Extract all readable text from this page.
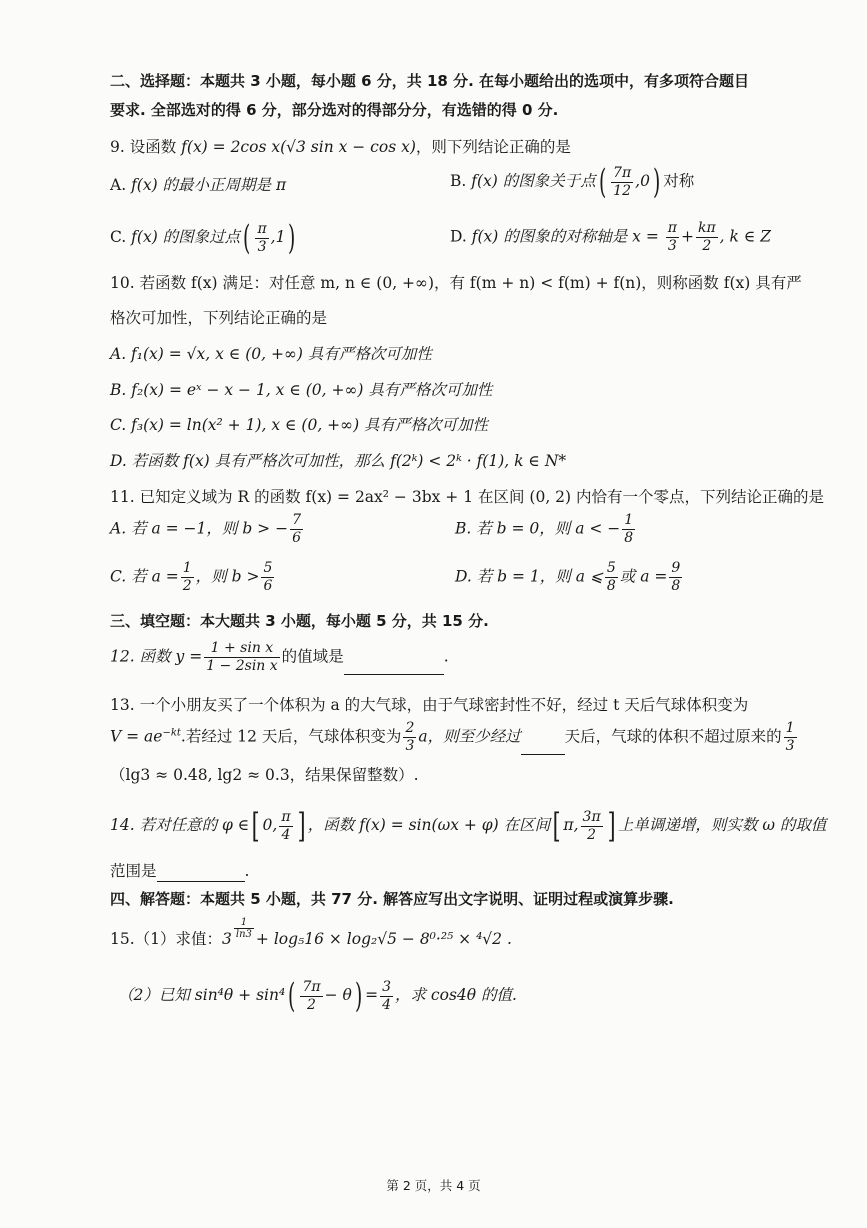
二、选择题：本题共 3 小题，每小题 6 分，共 18 分. 在每小题给出的选项中，有多项符合题目
要求. 全部选对的得 6 分，部分选对的得部分分，有选错的得 0 分.
9. 设函数 f(x) = 2cos x(√3 sin x − cos x)，则下列结论正确的是
A. f(x) 的最小正周期是 π	B. f(x) 的图象关于点( $\frac{7\pi}{12} ,0$) 对称
C. f(x) 的图象过点( $\frac{\pi}{3} ,1$)	D. f(x) 的图象的对称轴是 $x = \frac{\pi}{3} + \frac{k\pi}{2}$ , k ∈ Z
10. 若函数 f(x) 满足：对任意 m, n ∈ (0, +∞)，有 f(m + n) < f(m) + f(n)，则称函数 f(x) 具有严
格次可加性，下列结论正确的是
A. f₁(x) = √x, x ∈ (0, +∞) 具有严格次可加性
B. f₂(x) = eˣ − x − 1, x ∈ (0, +∞) 具有严格次可加性
C. f₃(x) = ln(x² + 1), x ∈ (0, +∞) 具有严格次可加性
D. 若函数 f(x) 具有严格次可加性，那么 f(2ᵏ) < 2ᵏ · f(1), k ∈ N*
11. 已知定义域为 R 的函数 f(x) = 2ax² − 3bx + 1 在区间 (0, 2) 内恰有一个零点，下列结论正确的是
A. 若 a = −1，则 b > − $\frac{7}{6}$	B. 若 b = 0，则 a < − $\frac{1}{8}$
C. 若 $a = \frac{1}{2}$ ，则 $b > \frac{5}{6}$	D. 若 b = 1，则 a ⩽ $\frac{5}{8}$ 或 $a = \frac{9}{8}$
三、填空题：本大题共 3 小题，每小题 5 分，共 15 分.
12. 函数 $y = \frac{\text{1 + sin x}}{\text{1 − 2sin x}}$ 的值域是	.
13. 一个小朋友买了一个体积为 a 的大气球，由于气球密封性不好，经过 t 天后气球体积变为
$V = ae^{-kt}$.若经过 12 天后，气球体积变为 $\frac{2}{3}$ a，则至少经过	天后，气球的体积不超过原来的 $\frac{1}{3}$
（lg3 ≈ 0.48, lg2 ≈ 0.3，结果保留整数）.
14. 若对任意的 φ ∈[ 0, $\frac{\pi}{4}$ ] ，函数 f(x) = sin(ωx + φ) 在区间[ π, $\frac{3\pi}{2}$ ] 上单调递增，则实数 ω 的取值
范围是	.
四、解答题：本题共 5 小题，共 77 分. 解答应写出文字说明、证明过程或演算步骤.
15.（1）求值：$3 \frac{1}{\ln 3} + \log_516 \times \log_2√5 - 8^0\cdot^{25} \times ^4√2$ .
（2）已知 $\sin^4\theta + \sin^4( \frac{7\pi}{2} - \theta) = \frac{3}{4}$ ，求 cos4θ 的值.
第 2 页，共 4 页
